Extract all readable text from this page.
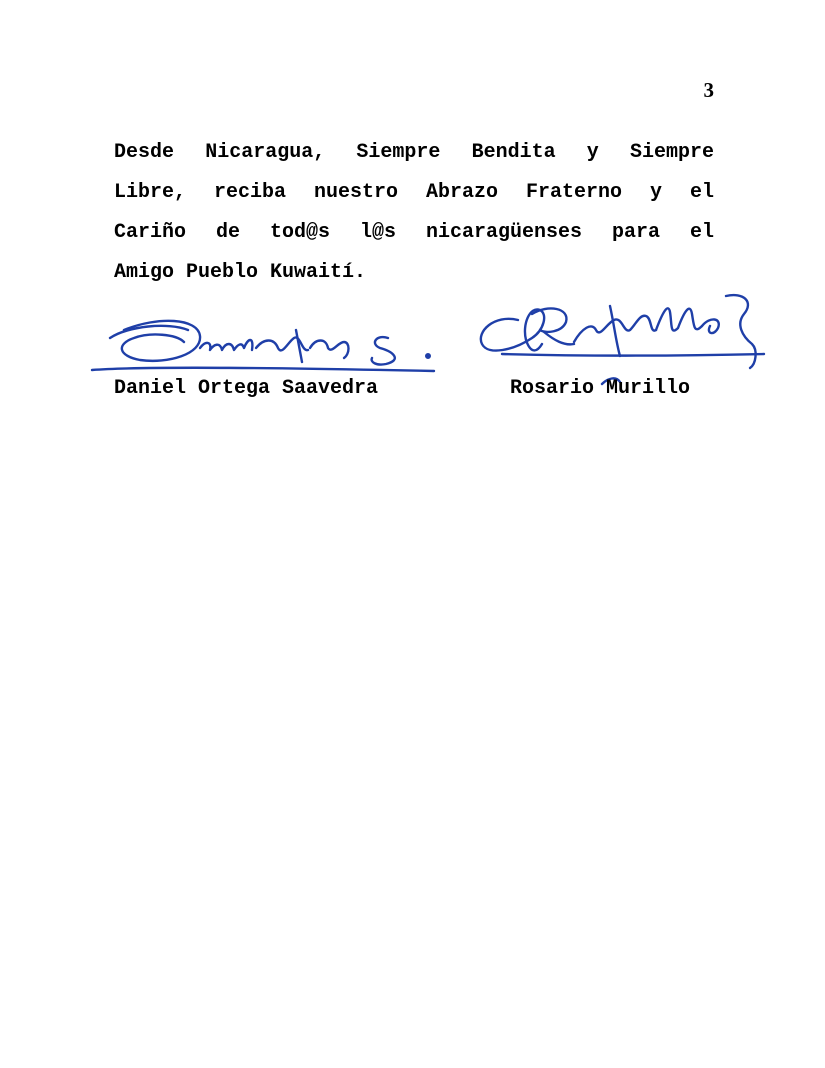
3
Desde Nicaragua, Siempre Bendita y Siempre
Libre, reciba nuestro Abrazo Fraterno y el
Cariño de tod@s l@s nicaragüenses para el
Amigo Pueblo Kuwaití.
Daniel Ortega Saavedra	Rosario Murillo
